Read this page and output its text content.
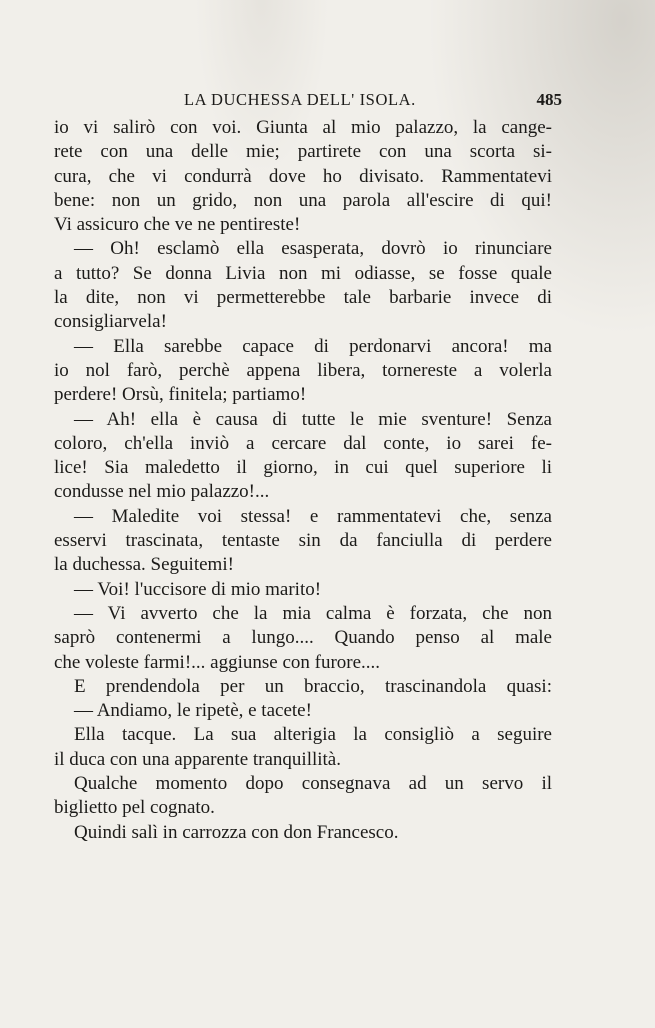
LA DUCHESSA DELL' ISOLA.	485
io vi salirò con voi. Giunta al mio palazzo, la cange-
rete con una delle mie; partirete con una scorta si-
cura, che vi condurrà dove ho divisato. Rammentatevi
bene: non un grido, non una parola all'escire di qui!
Vi assicuro che ve ne pentireste!
— Oh! esclamò ella esasperata, dovrò io rinunciare
a tutto? Se donna Livia non mi odiasse, se fosse quale
la dite, non vi permetterebbe tale barbarie invece di
consigliarvela!
— Ella sarebbe capace di perdonarvi ancora! ma
io nol farò, perchè appena libera, tornereste a volerla
perdere! Orsù, finitela; partiamo!
— Ah! ella è causa di tutte le mie sventure! Senza
coloro, ch'ella inviò a cercare dal conte, io sarei fe-
lice! Sia maledetto il giorno, in cui quel superiore li
condusse nel mio palazzo!...
— Maledite voi stessa! e rammentatevi che, senza
esservi trascinata, tentaste sin da fanciulla di perdere
la duchessa. Seguitemi!
— Voi! l'uccisore di mio marito!
— Vi avverto che la mia calma è forzata, che non
saprò contenermi a lungo.... Quando penso al male
che voleste farmi!... aggiunse con furore....
E prendendola per un braccio, trascinandola quasi:
— Andiamo, le ripetè, e tacete!
Ella tacque. La sua alterigia la consigliò a seguire
il duca con una apparente tranquillità.
Qualche momento dopo consegnava ad un servo il
biglietto pel cognato.
Quindi salì in carrozza con don Francesco.
